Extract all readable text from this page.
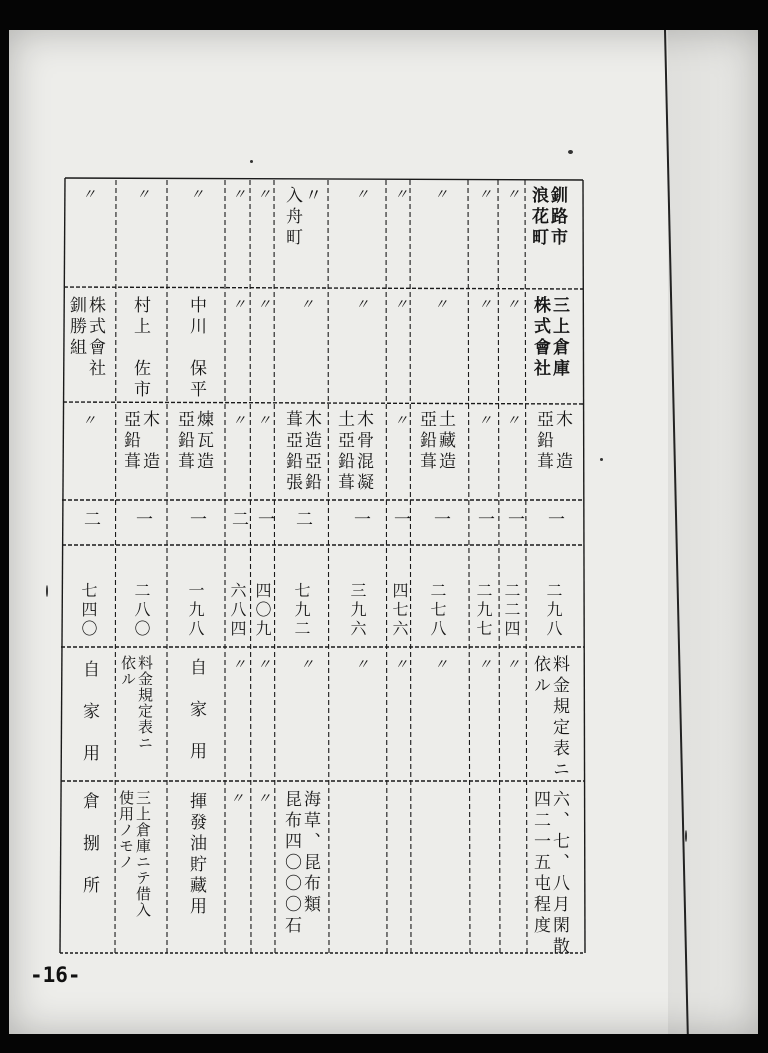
釧路市
浪花町
三上倉庫
株式會社
木　造
亞鉛葺
一
二九八
料金規定表ニ
依ル
六、七、八月閑散
四二一五屯程度
〃
〃
〃
一
二二四
〃
〃
〃
〃
一
二九七
〃
〃
〃
土藏造
亞鉛葺
一
二七八
〃
〃
〃
〃
一
四七六
〃
〃
〃
木骨混凝
土亞鉛葺
一
三九六
〃
〃
入舟町
〃
木造亞鉛
葺亞鉛張
二
七九二
〃
海草、昆布類
昆布四〇〇〇石
〃
〃
〃
一
四〇九
〃
〃
〃
〃
〃
二
六八四
〃
〃
〃
中川　保平
煉瓦造
亞鉛葺
一
一九八
自　家　用
揮發油貯藏用
〃
村上　佐市
木　造
亞鉛葺
一
二八〇
料金規定表ニ
依ル
三上倉庫ニテ借入
使用ノモノ
〃
株式會社
釧勝組
〃
二
七四〇
自　家　用
倉　捌　所
-16-
